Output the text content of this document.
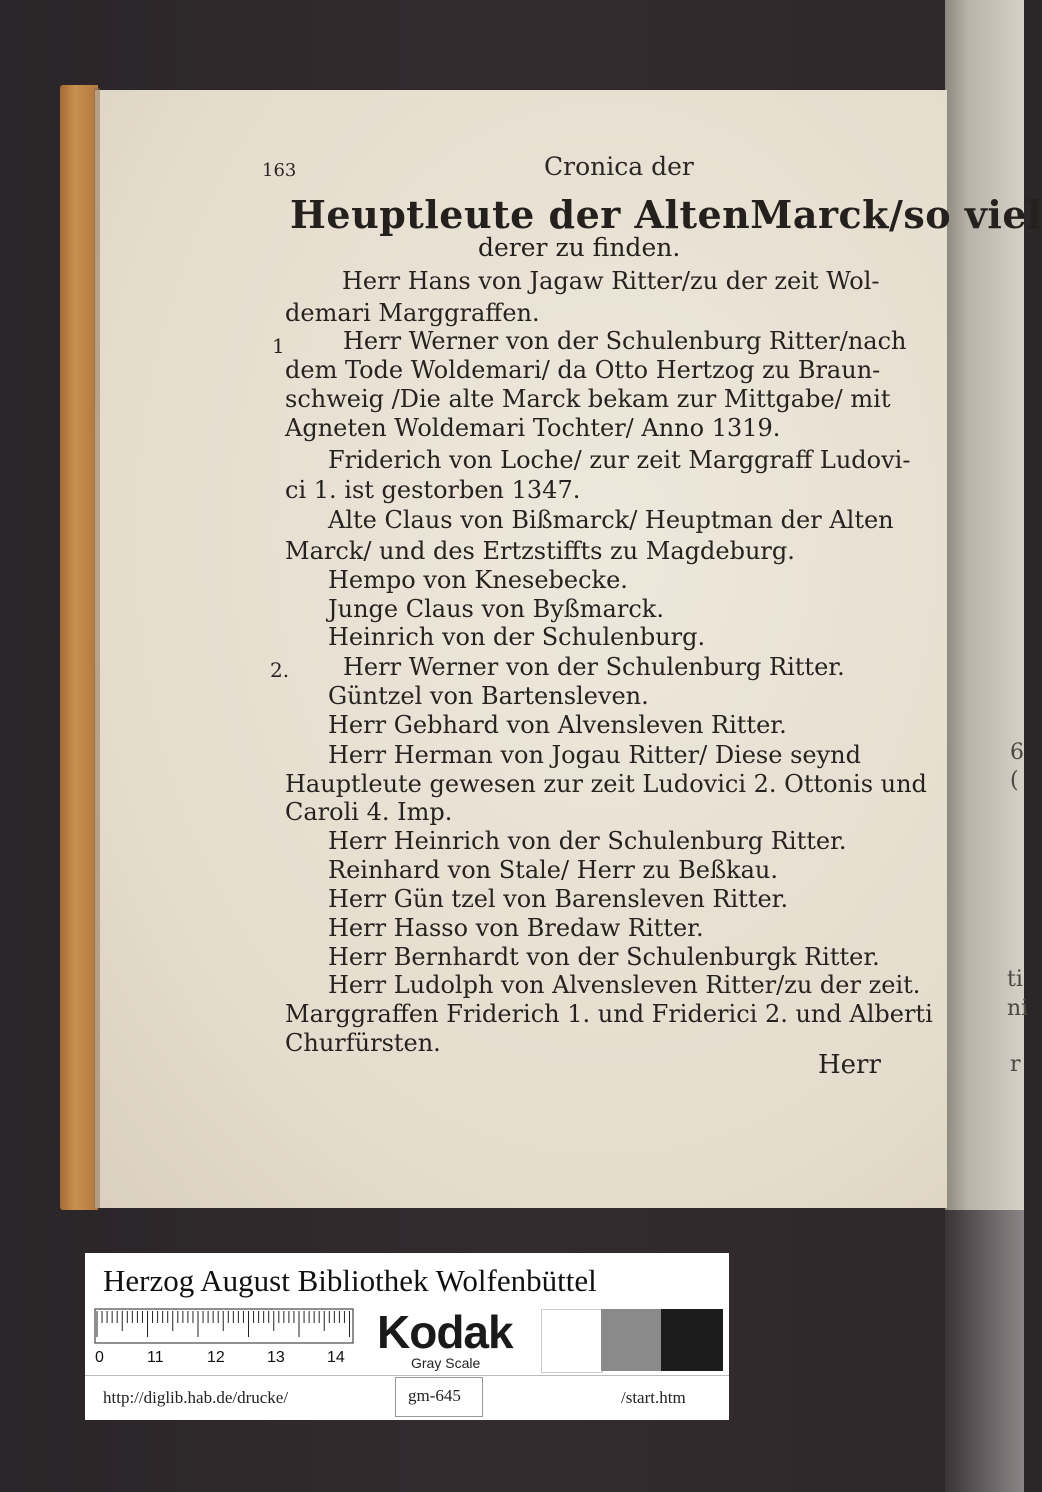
6
(
ti
ni
r
163	Cronica der
Heuptleute der AltenMarck/so viel
derer zu finden.
1
2.
Herr Hans von Jagaw Ritter/zu der zeit Wol-
demari Marggraffen.
Herr Werner von der Schulenburg Ritter/nach
dem Tode Woldemari/ da Otto Hertzog zu Braun-
schweig /Die alte Marck bekam zur Mittgabe/ mit
Agneten Woldemari Tochter/ Anno 1319.
Friderich von Loche/ zur zeit Marggraff Ludovi-
ci 1. ist gestorben 1347.
Alte Claus von Bißmarck/ Heuptman der Alten
Marck/ und des Ertzstiffts zu Magdeburg.
Hempo von Knesebecke.
Junge Claus von Byßmarck.
Heinrich von der Schulenburg.
Herr Werner von der Schulenburg Ritter.
Güntzel von Bartensleven.
Herr Gebhard von Alvensleven Ritter.
Herr Herman von Jogau Ritter/ Diese seynd
Hauptleute gewesen zur zeit Ludovici 2. Ottonis und
Caroli 4. Imp.
Herr Heinrich von der Schulenburg Ritter.
Reinhard von Stale/ Herr zu Beßkau.
Herr Gün tzel von Barensleven Ritter.
Herr Hasso von Bredaw Ritter.
Herr Bernhardt von der Schulenburgk Ritter.
Herr Ludolph von Alvensleven Ritter/zu der zeit.
Marggraffen Friderich 1. und Friderici 2. und Alberti
Churfürsten.
Herr
Herzog August Bibliothek Wolfenbüttel
0	11	12	13	14 Kodak
Gray Scale
http://diglib.hab.de/drucke/	gm-645	/start.htm
